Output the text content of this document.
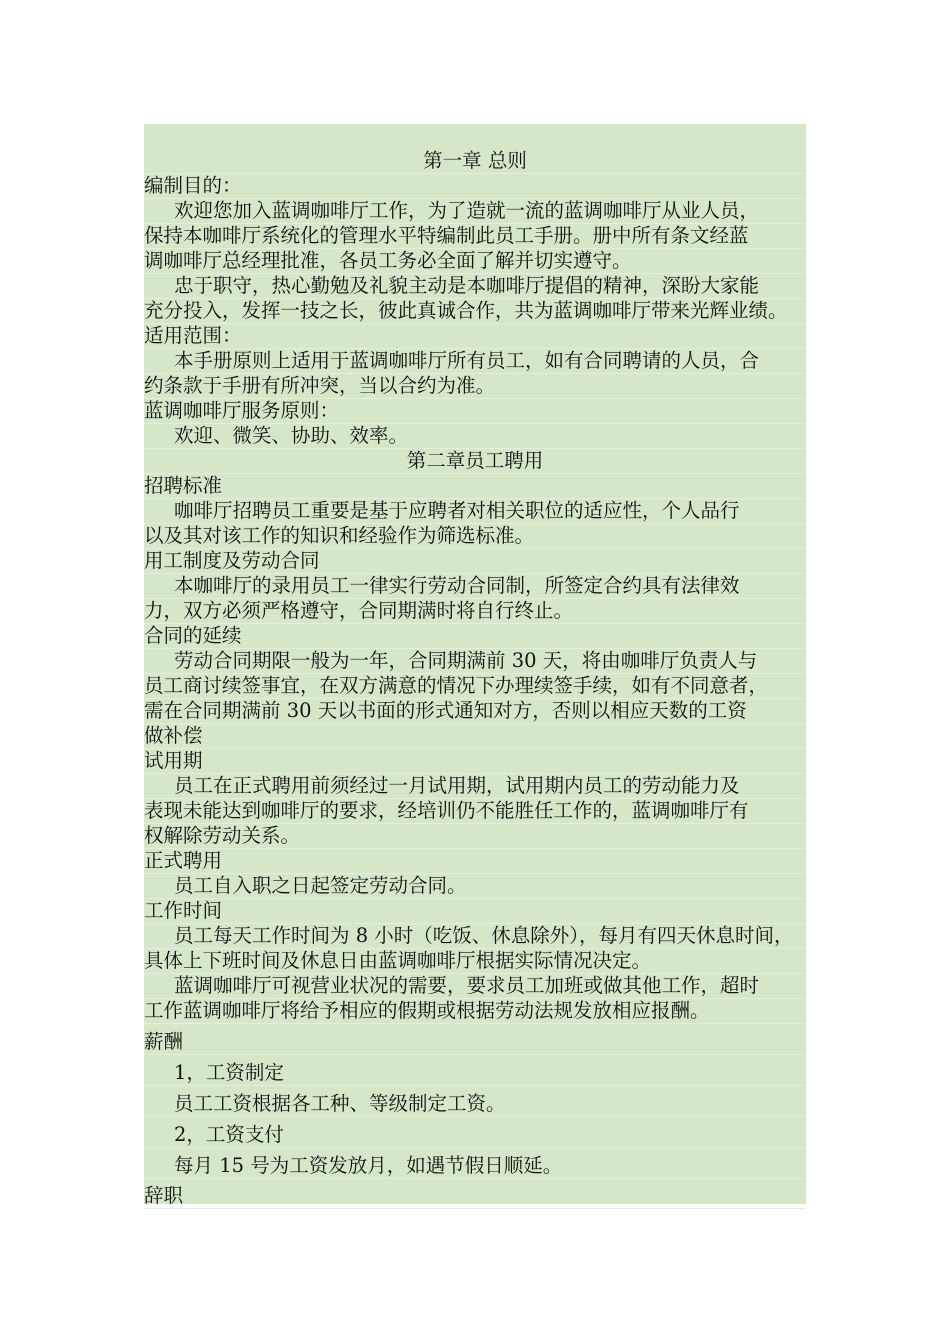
第一章 总则
编制目的：
欢迎您加入蓝调咖啡厅工作，为了造就一流的蓝调咖啡厅从业人员，
保持本咖啡厅系统化的管理水平特编制此员工手册。册中所有条文经蓝
调咖啡厅总经理批准，各员工务必全面了解并切实遵守。
忠于职守，热心勤勉及礼貌主动是本咖啡厅提倡的精神，深盼大家能
充分投入，发挥一技之长，彼此真诚合作，共为蓝调咖啡厅带来光辉业绩。
适用范围：
本手册原则上适用于蓝调咖啡厅所有员工，如有合同聘请的人员，合
约条款于手册有所冲突，当以合约为准。
蓝调咖啡厅服务原则：
欢迎、微笑、协助、效率。
第二章员工聘用
招聘标准
咖啡厅招聘员工重要是基于应聘者对相关职位的适应性，个人品行
以及其对该工作的知识和经验作为筛选标准。
用工制度及劳动合同
本咖啡厅的录用员工一律实行劳动合同制，所签定合约具有法律效
力，双方必须严格遵守，合同期满时将自行终止。
合同的延续
劳动合同期限一般为一年，合同期满前 30 天，将由咖啡厅负责人与
员工商讨续签事宜，在双方满意的情况下办理续签手续，如有不同意者，
需在合同期满前 30 天以书面的形式通知对方，否则以相应天数的工资
做补偿
试用期
员工在正式聘用前须经过一月试用期，试用期内员工的劳动能力及
表现未能达到咖啡厅的要求，经培训仍不能胜任工作的，蓝调咖啡厅有
权解除劳动关系。
正式聘用
员工自入职之日起签定劳动合同。
工作时间
员工每天工作时间为 8 小时（吃饭、休息除外），每月有四天休息时间，
具体上下班时间及休息日由蓝调咖啡厅根据实际情况决定。
蓝调咖啡厅可视营业状况的需要，要求员工加班或做其他工作，超时
工作蓝调咖啡厅将给予相应的假期或根据劳动法规发放相应报酬。
薪酬
1，工资制定
员工工资根据各工种、等级制定工资。
2，工资支付
每月 15 号为工资发放月，如遇节假日顺延。
辞职
